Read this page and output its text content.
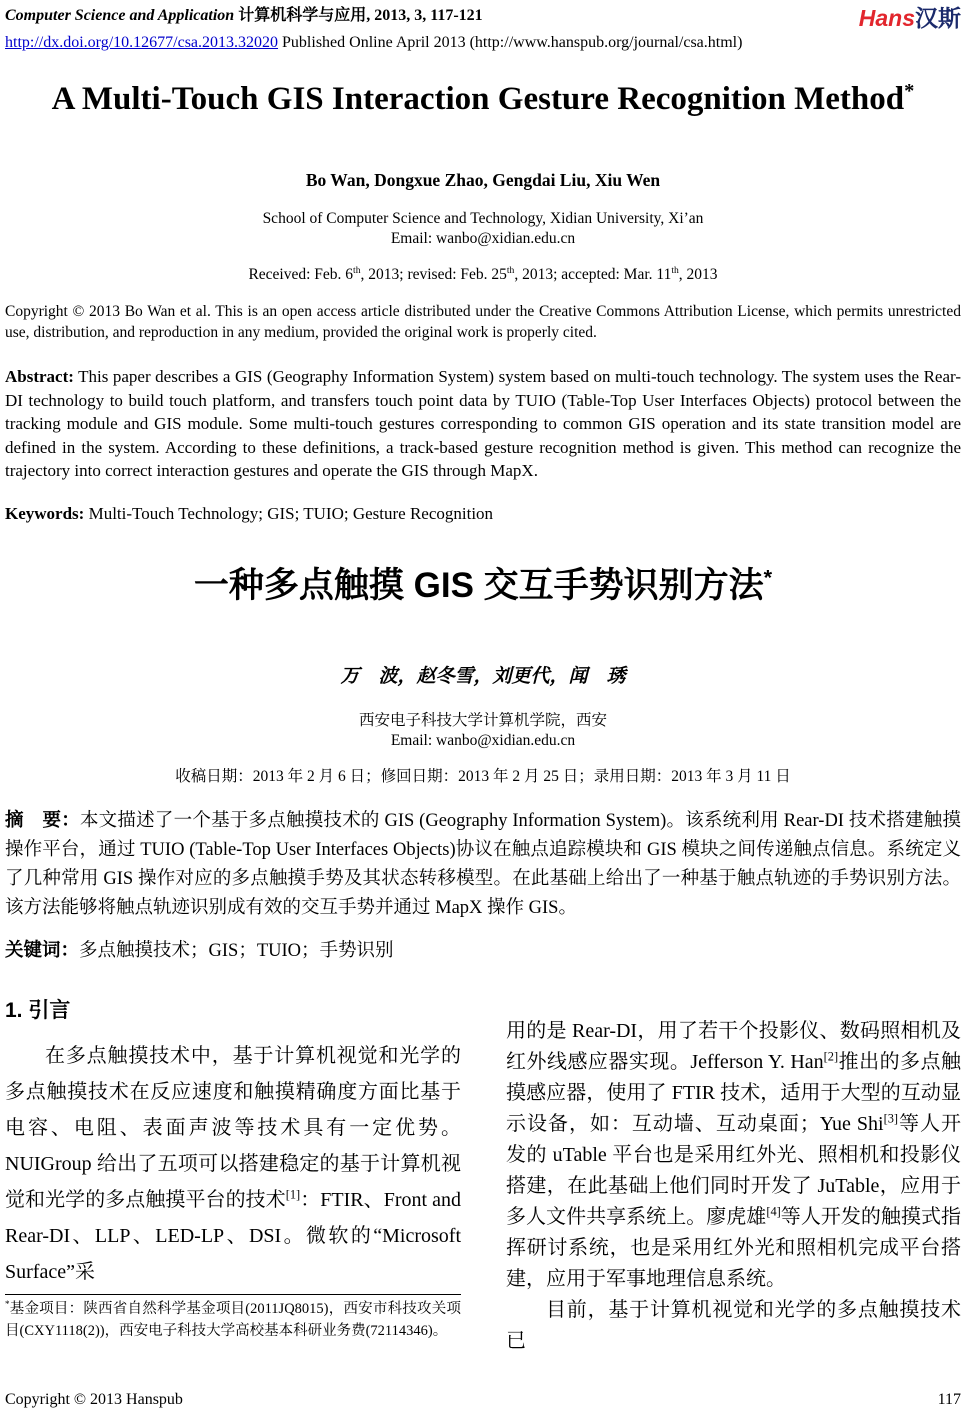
Computer Science and Application 计算机科学与应用, 2013, 3, 117-121	Hans汉斯
http://dx.doi.org/10.12677/csa.2013.32020 Published Online April 2013 (http://www.hanspub.org/journal/csa.html)
A Multi-Touch GIS Interaction Gesture Recognition Method*
Bo Wan, Dongxue Zhao, Gengdai Liu, Xiu Wen
School of Computer Science and Technology, Xidian University, Xi’an
Email: wanbo@xidian.edu.cn
Received: Feb. 6th, 2013; revised: Feb. 25th, 2013; accepted: Mar. 11th, 2013

Copyright © 2013 Bo Wan et al. This is an open access article distributed under the Creative Commons Attribution License, which permits unrestricted use, distribution, and reproduction in any medium, provided the original work is properly cited.

Abstract: This paper describes a GIS (Geography Information System) system based on multi-touch technology. The system uses the Rear-DI technology to build touch platform, and transfers touch point data by TUIO (Table-Top User Interfaces Objects) protocol between the tracking module and GIS module. Some multi-touch gestures corresponding to common GIS operation and its state transition model are defined in the system. According to these definitions, a track-based gesture recognition method is given. This method can recognize the trajectory into correct interaction gestures and operate the GIS through MapX.

Keywords: Multi-Touch Technology; GIS; TUIO; Gesture Recognition

一种多点触摸 GIS 交互手势识别方法*
万　波，赵冬雪，刘更代，闻　琇
西安电子科技大学计算机学院，西安
Email: wanbo@xidian.edu.cn
收稿日期：2013 年 2 月 6 日；修回日期：2013 年 2 月 25 日；录用日期：2013 年 3 月 11 日

摘　要：本文描述了一个基于多点触摸技术的 GIS (Geography Information System)。该系统利用 Rear-DI 技术搭建触摸操作平台，通过 TUIO (Table-Top User Interfaces Objects)协议在触点追踪模块和 GIS 模块之间传递触点信息。系统定义了几种常用 GIS 操作对应的多点触摸手势及其状态转移模型。在此基础上给出了一种基于触点轨迹的手势识别方法。该方法能够将触点轨迹识别成有效的交互手势并通过 MapX 操作 GIS。

关键词：多点触摸技术；GIS；TUIO；手势识别

1. 引言

在多点触摸技术中，基于计算机视觉和光学的多点触摸技术在反应速度和触摸精确度方面比基于电容、电阻、表面声波等技术具有一定优势。NUIGroup 给出了五项可以搭建稳定的基于计算机视觉和光学的多点触摸平台的技术[1]：FTIR、Front and Rear-DI、LLP、LED-LP、DSI。微软的“Microsoft Surface”采

*基金项目：陕西省自然科学基金项目(2011JQ8015)，西安市科技攻关项目(CXY1118(2))，西安电子科技大学高校基本科研业务费(72114346)。

用的是 Rear-DI，用了若干个投影仪、数码照相机及红外线感应器实现。Jefferson Y. Han[2]推出的多点触摸感应器，使用了 FTIR 技术，适用于大型的互动显示设备，如：互动墙、互动桌面；Yue Shi[3]等人开发的 uTable 平台也是采用红外光、照相机和投影仪搭建，在此基础上他们同时开发了 JuTable，应用于多人文件共享系统上。廖虎雄[4]等人开发的触摸式指挥研讨系统，也是采用红外光和照相机完成平台搭建，应用于军事地理信息系统。

目前，基于计算机视觉和光学的多点触摸技术已

Copyright © 2013 Hanspub	117
